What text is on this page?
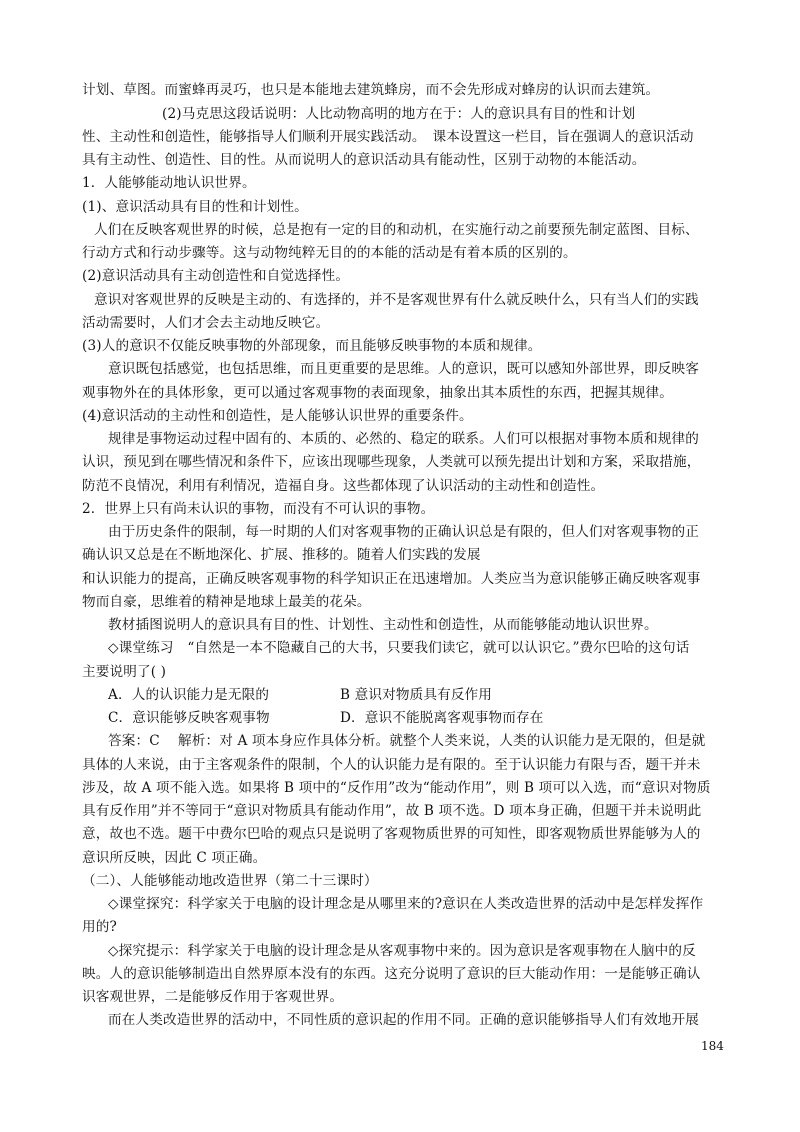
计划、草图。而蜜蜂再灵巧，也只是本能地去建筑蜂房，而不会先形成对蜂房的认识而去建筑。
(2)马克思这段话说明：人比动物高明的地方在于：人的意识具有目的性和计划
性、主动性和创造性，能够指导人们顺利开展实践活动。　课本设置这一栏目，旨在强调人的意识活动
具有主动性、创造性、目的性。从而说明人的意识活动具有能动性，区别于动物的本能活动。
1．人能够能动地认识世界。
(1)、意识活动具有目的性和计划性。
人们在反映客观世界的时候，总是抱有一定的目的和动机，在实施行动之前要预先制定蓝图、目标、
行动方式和行动步骤等。这与动物纯粹无目的的本能的活动是有着本质的区别的。
(2)意识活动具有主动创造性和自觉选择性。
意识对客观世界的反映是主动的、有选择的，并不是客观世界有什么就反映什么，只有当人们的实践
活动需要时，人们才会去主动地反映它。
(3)人的意识不仅能反映事物的外部现象，而且能够反映事物的本质和规律。
意识既包括感觉，也包括思维，而且更重要的是思维。人的意识，既可以感知外部世界，即反映客
观事物外在的具体形象，更可以通过客观事物的表面现象，抽象出其本质性的东西，把握其规律。
(4)意识活动的主动性和创造性，是人能够认识世界的重要条件。
规律是事物运动过程中固有的、本质的、必然的、稳定的联系。人们可以根据对事物本质和规律的
认识，预见到在哪些情况和条件下，应该出现哪些现象，人类就可以预先提出计划和方案，采取措施，
防范不良情况，利用有利情况，造福自身。这些都体现了认识活动的主动性和创造性。
2．世界上只有尚未认识的事物，而没有不可认识的事物。
由于历史条件的限制，每一时期的人们对客观事物的正确认识总是有限的，但人们对客观事物的正
确认识又总是在不断地深化、扩展、推移的。随着人们实践的发展
和认识能力的提高，正确反映客观事物的科学知识正在迅速增加。人类应当为意识能够正确反映客观事
物而自豪，思维着的精神是地球上最美的花朵。
教材插图说明人的意识具有目的性、计划性、主动性和创造性，从而能够能动地认识世界。
◇课堂练习　“自然是一本不隐藏自己的大书，只要我们读它，就可以认识它。”费尔巴哈的这句话
主要说明了( )
A．人的认识能力是无限的	B 意识对物质具有反作用
C．意识能够反映客观事物	D．意识不能脱离客观事物而存在
答案：C　 解析：对 A 项本身应作具体分析。就整个人类来说，人类的认识能力是无限的，但是就
具体的人来说，由于主客观条件的限制，个人的认识能力是有限的。至于认识能力有限与否，题干并未
涉及，故 A 项不能入选。如果将 B 项中的“反作用”改为“能动作用”，则 B 项可以入选，而“意识对物质
具有反作用”并不等同于“意识对物质具有能动作用”，故 B 项不选。D 项本身正确，但题干并未说明此
意，故也不选。题干中费尔巴哈的观点只是说明了客观物质世界的可知性，即客观物质世界能够为人的
意识所反映，因此 C 项正确。
（二）、人能够能动地改造世界（第二十三课时）
◇课堂探究：科学家关于电脑的设计理念是从哪里来的?意识在人类改造世界的活动中是怎样发挥作
用的?
◇探究提示：科学家关于电脑的设计理念是从客观事物中来的。因为意识是客观事物在人脑中的反
映。人的意识能够制造出自然界原本没有的东西。这充分说明了意识的巨大能动作用：一是能够正确认
识客观世界，二是能够反作用于客观世界。
而在人类改造世界的活动中，不同性质的意识起的作用不同。正确的意识能够指导人们有效地开展
184
